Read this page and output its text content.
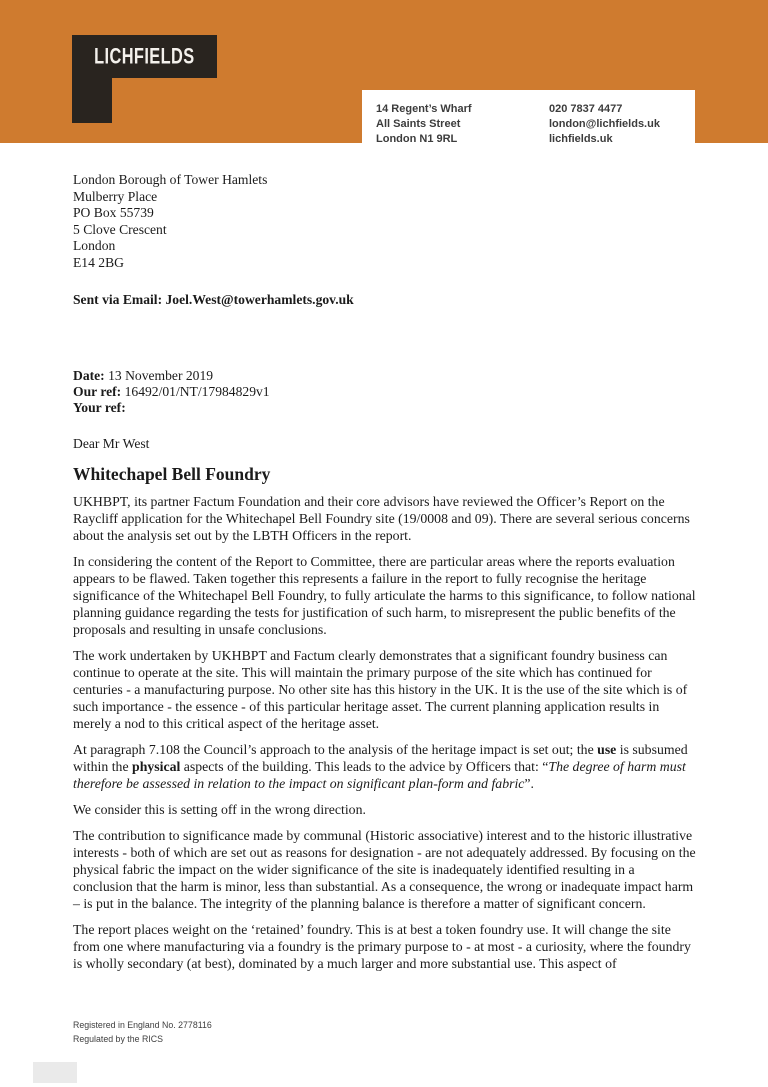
LICHFIELDS
14 Regent’s Wharf
All Saints Street
London N1 9RL
020 7837 4477
london@lichfields.uk
lichfields.uk
London Borough of Tower Hamlets
Mulberry Place
PO Box 55739
5 Clove Crescent
London
E14 2BG

Sent via Email: Joel.West@towerhamlets.gov.uk

Date: 13 November 2019
Our ref: 16492/01/NT/17984829v1
Your ref:

Dear Mr West

Whitechapel Bell Foundry

UKHBPT, its partner Factum Foundation and their core advisors have reviewed the Officer’s Report on the Raycliff application for the Whitechapel Bell Foundry site (19/0008 and 09). There are several serious concerns about the analysis set out by the LBTH Officers in the report.

In considering the content of the Report to Committee, there are particular areas where the reports evaluation appears to be flawed. Taken together this represents a failure in the report to fully recognise the heritage significance of the Whitechapel Bell Foundry, to fully articulate the harms to this significance, to follow national planning guidance regarding the tests for justification of such harm, to misrepresent the public benefits of the proposals and resulting in unsafe conclusions.

The work undertaken by UKHBPT and Factum clearly demonstrates that a significant foundry business can continue to operate at the site. This will maintain the primary purpose of the site which has continued for centuries - a manufacturing purpose. No other site has this history in the UK. It is the use of the site which is of such importance - the essence - of this particular heritage asset. The current planning application results in merely a nod to this critical aspect of the heritage asset.

At paragraph 7.108 the Council’s approach to the analysis of the heritage impact is set out; the use is subsumed within the physical aspects of the building. This leads to the advice by Officers that: “The degree of harm must therefore be assessed in relation to the impact on significant plan-form and fabric”.

We consider this is setting off in the wrong direction.

The contribution to significance made by communal (Historic associative) interest and to the historic illustrative interests - both of which are set out as reasons for designation - are not adequately addressed. By focusing on the physical fabric the impact on the wider significance of the site is inadequately identified resulting in a conclusion that the harm is minor, less than substantial. As a consequence, the wrong or inadequate impact harm – is put in the balance. The integrity of the planning balance is therefore a matter of significant concern.

The report places weight on the ‘retained’ foundry. This is at best a token foundry use. It will change the site from one where manufacturing via a foundry is the primary purpose to - at most - a curiosity, where the foundry is wholly secondary (at best), dominated by a much larger and more substantial use. This aspect of

Registered in England No. 2778116
Regulated by the RICS
